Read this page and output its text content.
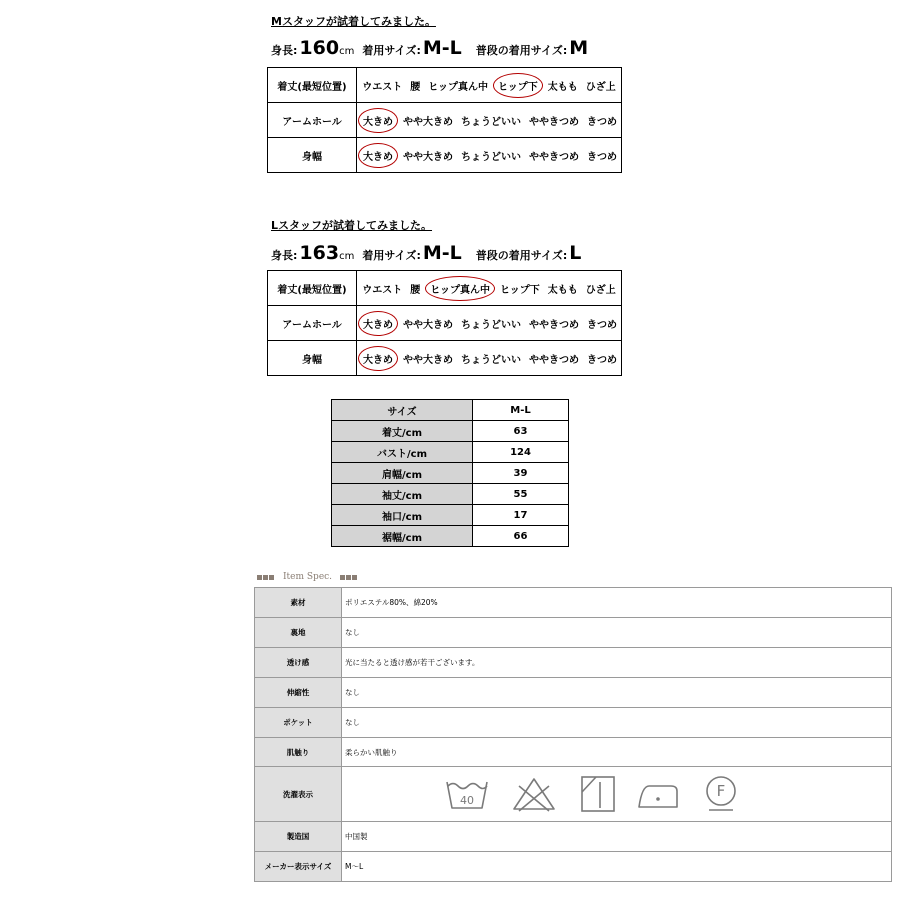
Mスタッフが試着してみました。
身長: 160 cm 着用サイズ: M-L 普段の着用サイズ: M
着丈(最短位置)	ウエスト 腰 ヒップ真ん中 ヒップ下 太もも ひざ上
アームホール	大きめ やや大きめ ちょうどいい ややきつめ きつめ
身幅	大きめ やや大きめ ちょうどいい ややきつめ きつめ
Lスタッフが試着してみました。
身長: 163 cm 着用サイズ: M-L 普段の着用サイズ: L
着丈(最短位置)	ウエスト 腰 ヒップ真ん中 ヒップ下 太もも ひざ上
アームホール	大きめ やや大きめ ちょうどいい ややきつめ きつめ
身幅	大きめ やや大きめ ちょうどいい ややきつめ きつめ
サイズ	M-L
着丈/cm	63
バスト/cm	124
肩幅/cm	39
袖丈/cm	55
袖口/cm	17
裾幅/cm	66
Item Spec.
素材	ポリエステル80%、綿20%
裏地	なし
透け感	光に当たると透け感が若干ございます。
伸縮性	なし
ポケット	なし
肌触り	柔らかい肌触り
洗濯表示	40
F

製造国	中国製
メーカー表示サイズ	M〜L
